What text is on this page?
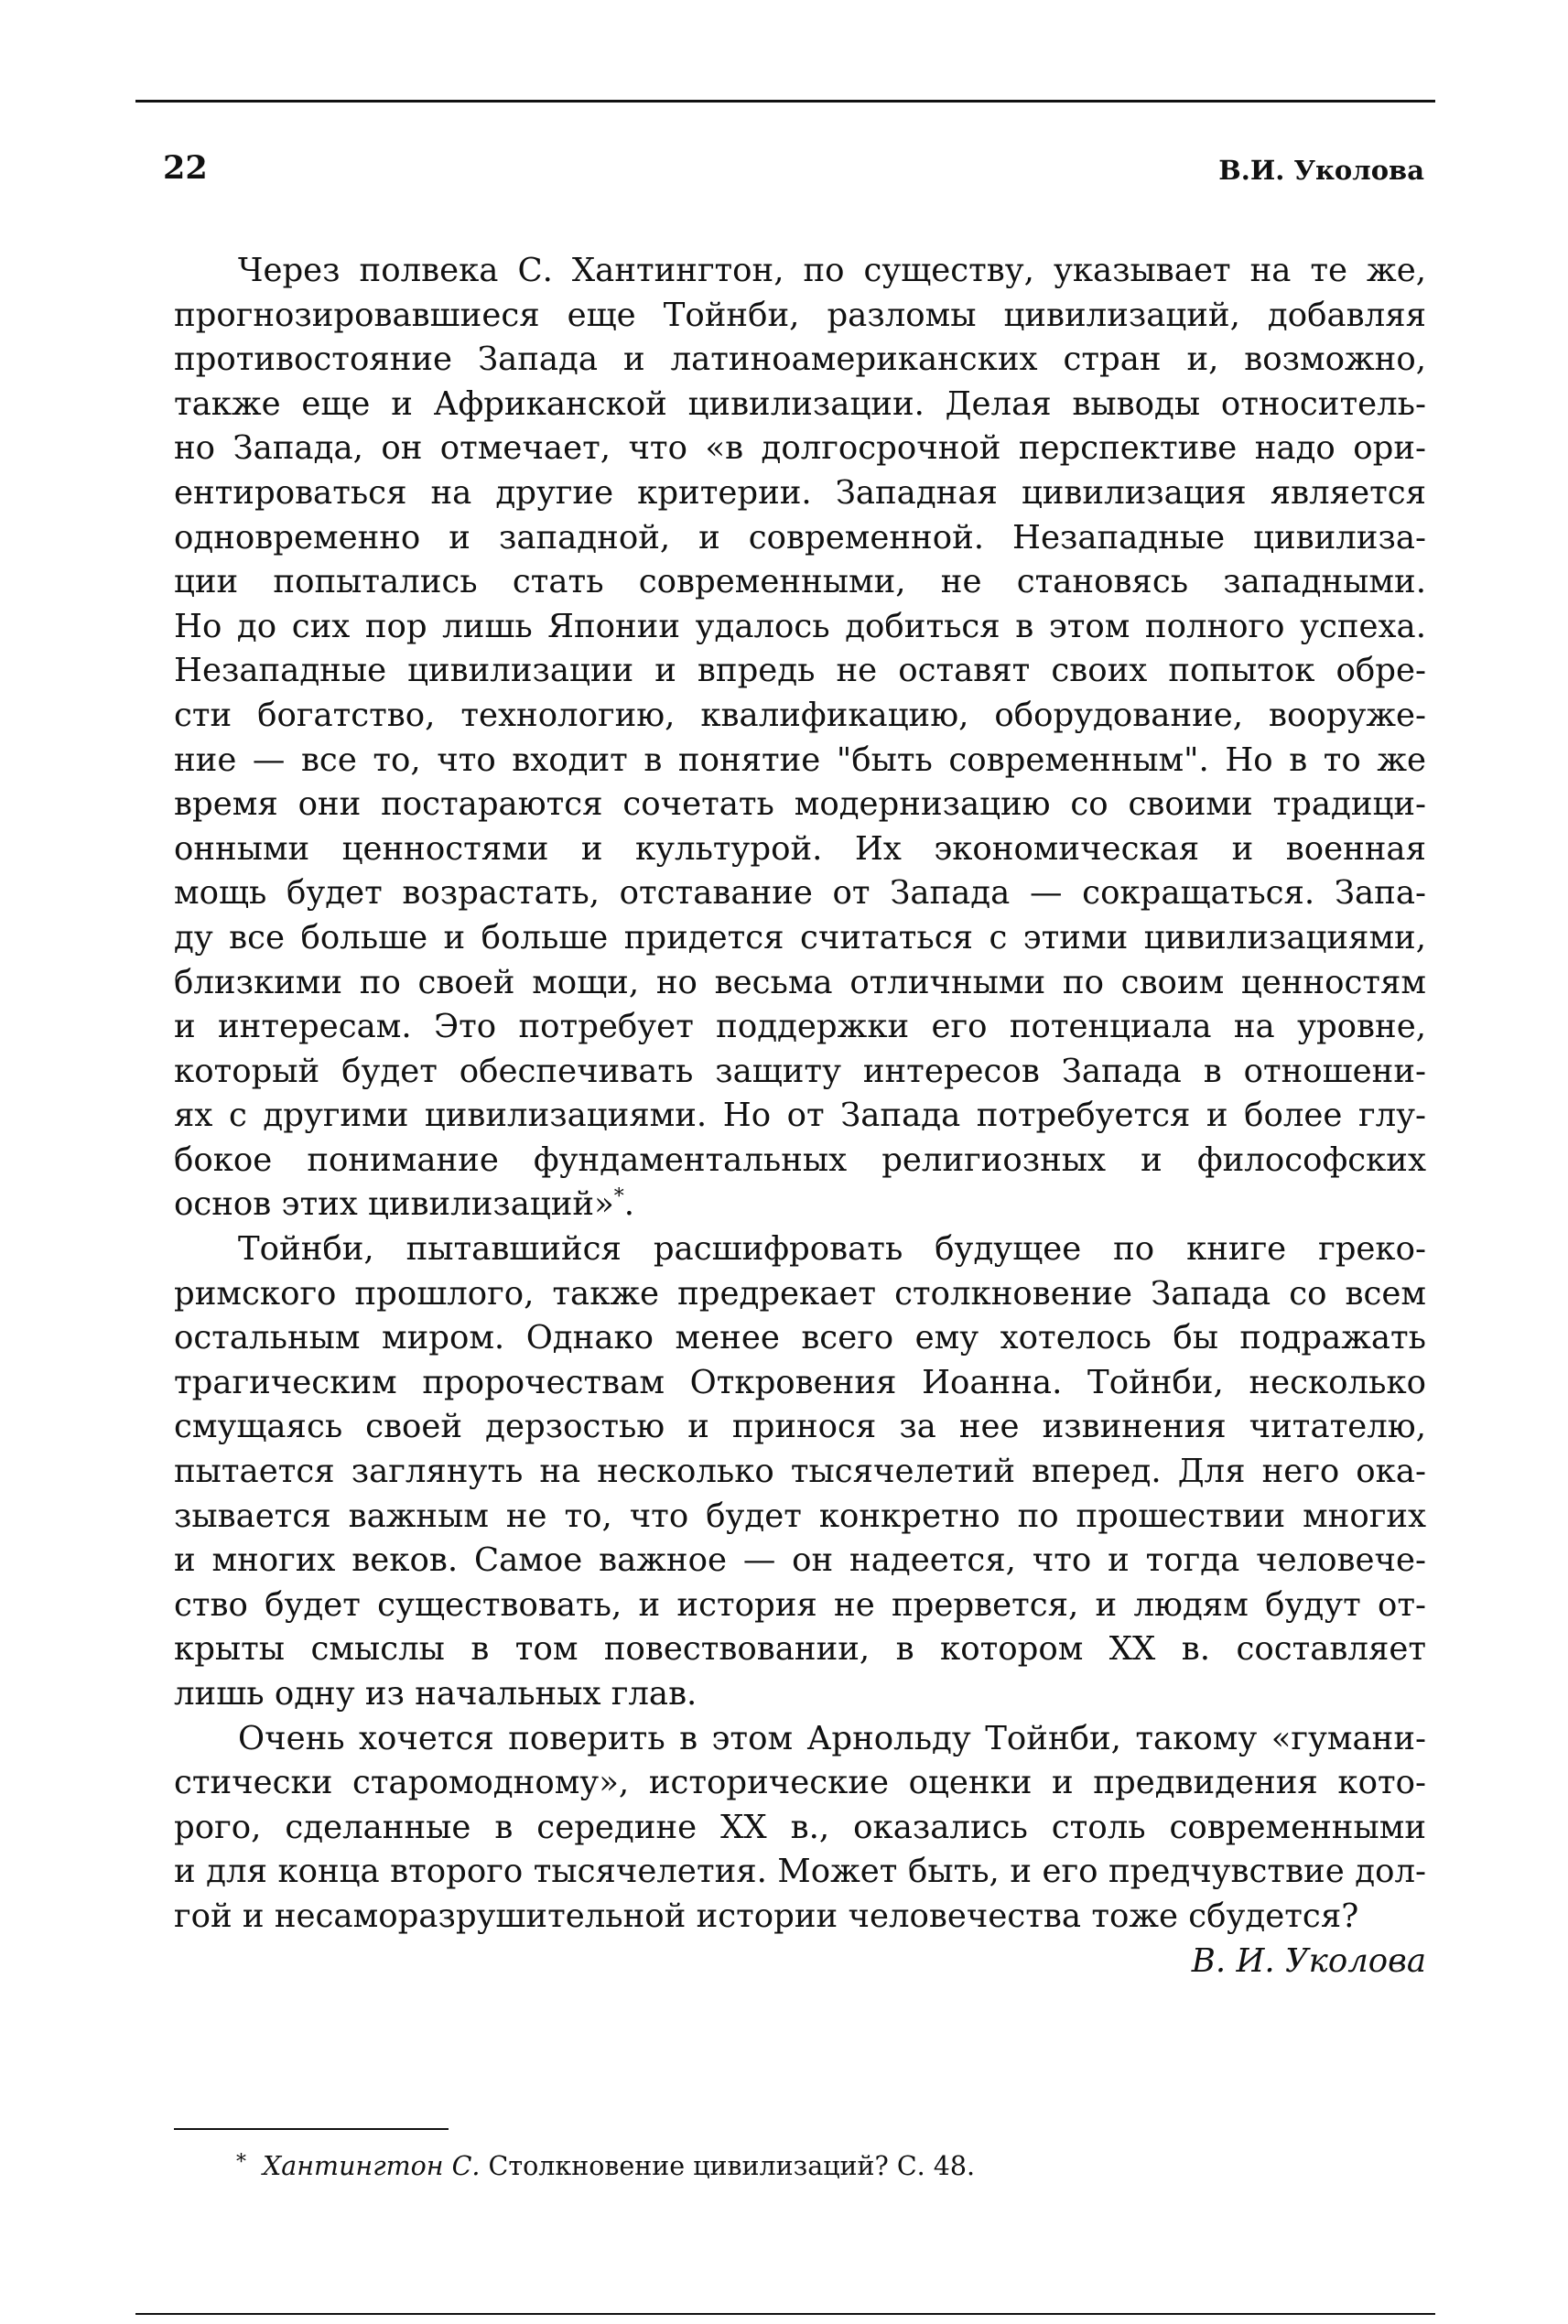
22	В.И. Уколова
Через полвека С. Хантингтон, по существу, указывает на те же,
прогнозировавшиеся еще Тойнби, разломы цивилизаций, добавляя
противостояние Запада и латиноамериканских стран и, возможно,
также еще и Африканской цивилизации. Делая выводы относитель-
но Запада, он отмечает, что «в долгосрочной перспективе надо ори-
ентироваться на другие критерии. Западная цивилизация является
одновременно и западной, и современной. Незападные цивилиза-
ции попытались стать современными, не становясь западными.
Но до сих пор лишь Японии удалось добиться в этом полного успеха.
Незападные цивилизации и впредь не оставят своих попыток обре-
сти богатство, технологию, квалификацию, оборудование, вооруже-
ние — все то, что входит в понятие "быть современным". Но в то же
время они постараются сочетать модернизацию со своими традици-
онными ценностями и культурой. Их экономическая и военная
мощь будет возрастать, отставание от Запада — сокращаться. Запа-
ду все больше и больше придется считаться с этими цивилизациями,
близкими по своей мощи, но весьма отличными по своим ценностям
и интересам. Это потребует поддержки его потенциала на уровне,
который будет обеспечивать защиту интересов Запада в отношени-
ях с другими цивилизациями. Но от Запада потребуется и более глу-
бокое понимание фундаментальных религиозных и философских
основ этих цивилизаций»*.
Тойнби, пытавшийся расшифровать будущее по книге греко-
римского прошлого, также предрекает столкновение Запада со всем
остальным миром. Однако менее всего ему хотелось бы подражать
трагическим пророчествам Откровения Иоанна. Тойнби, несколько
смущаясь своей дерзостью и принося за нее извинения читателю,
пытается заглянуть на несколько тысячелетий вперед. Для него ока-
зывается важным не то, что будет конкретно по прошествии многих
и многих веков. Самое важное — он надеется, что и тогда человече-
ство будет существовать, и история не прервется, и людям будут от-
крыты смыслы в том повествовании, в котором XX в. составляет
лишь одну из начальных глав.
Очень хочется поверить в этом Арнольду Тойнби, такому «гумани-
стически старомодному», исторические оценки и предвидения кото-
рого, сделанные в середине XX в., оказались столь современными
и для конца второго тысячелетия. Может быть, и его предчувствие дол-
гой и несаморазрушительной истории человечества тоже сбудется?
В. И. Уколова
* Хантингтон С. Столкновение цивилизаций? С. 48.
